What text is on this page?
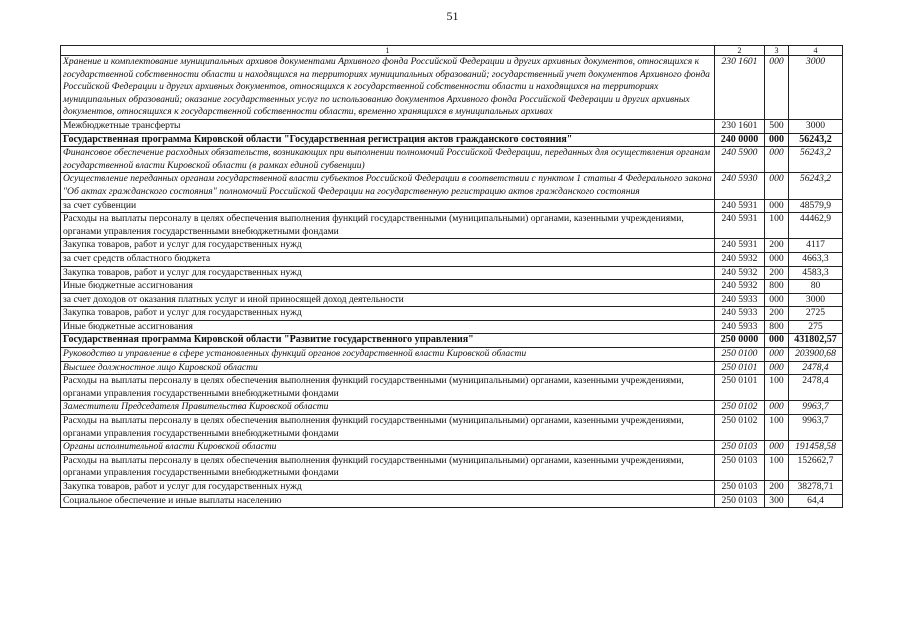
51
1	2	3	4
Хранение и комплектование муниципальных архивов документами Архивного фонда Российской Федерации и других архивных документов, относящихся к государственной собственности области и находящихся на территориях муниципальных образований; государственный учет документов Архивного фонда Российской Федерации и других архивных документов, относящихся к государственной собственности области и находящихся на территориях муниципальных образований; оказание государственных услуг по использованию документов Архивного фонда Российской Федерации и других архивных документов, относящихся к государственной собственности области, временно хранящихся в муниципальных архивах	230 1601	000	3000
Межбюджетные трансферты	230 1601	500	3000
Государственная программа Кировской области "Государственная регистрация актов гражданского состояния"	240 0000	000	56243,2
Финансовое обеспечение расходных обязательств, возникающих при выполнении полномочий Российской Федерации, переданных для осуществления органам государственной власти Кировской области (в рамках единой субвенции)	240 5900	000	56243,2
Осуществление переданных органам государственной власти субъектов Российской Федерации в соответствии с пунктом 1 статьи 4 Федерального закона "Об актах гражданского состояния" полномочий Российской Федерации на государственную регистрацию актов гражданского состояния	240 5930	000	56243,2
за счет субвенции	240 5931	000	48579,9
Расходы на выплаты персоналу в целях обеспечения выполнения функций государственными (муниципальными) органами, казенными учреждениями, органами управления государственными внебюджетными фондами	240 5931	100	44462,9
Закупка товаров, работ и услуг для государственных нужд	240 5931	200	4117
за счет средств областного бюджета	240 5932	000	4663,3
Закупка товаров, работ и услуг для государственных нужд	240 5932	200	4583,3
Иные бюджетные ассигнования	240 5932	800	80
за счет доходов от оказания платных услуг и иной приносящей доход деятельности	240 5933	000	3000
Закупка товаров, работ и услуг для государственных нужд	240 5933	200	2725
Иные бюджетные ассигнования	240 5933	800	275
Государственная программа Кировской области "Развитие государственного управления"	250 0000	000	431802,57
Руководство и управление в сфере установленных функций органов государственной власти Кировской области	250 0100	000	203900,68
Высшее должностное лицо Кировской области	250 0101	000	2478,4
Расходы на выплаты персоналу в целях обеспечения выполнения функций государственными (муниципальными) органами, казенными учреждениями, органами управления государственными внебюджетными фондами	250 0101	100	2478,4
Заместители Председателя Правительства Кировской области	250 0102	000	9963,7
Расходы на выплаты персоналу в целях обеспечения выполнения функций государственными (муниципальными) органами, казенными учреждениями, органами управления государственными внебюджетными фондами	250 0102	100	9963,7
Органы исполнительной власти Кировской области	250 0103	000	191458,58
Расходы на выплаты персоналу в целях обеспечения выполнения функций государственными (муниципальными) органами, казенными учреждениями, органами управления государственными внебюджетными фондами	250 0103	100	152662,7
Закупка товаров, работ и услуг для государственных нужд	250 0103	200	38278,71
Социальное обеспечение и иные выплаты населению	250 0103	300	64,4
